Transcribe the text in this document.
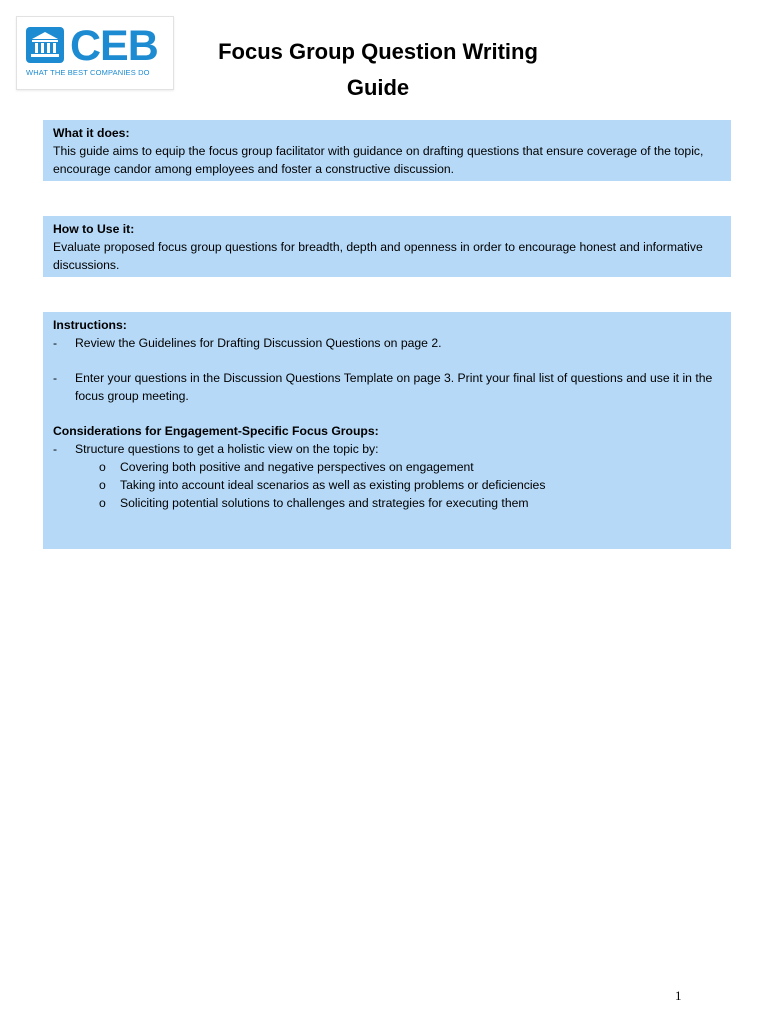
CEB
WHAT THE BEST COMPANIES DO
Focus Group Question Writing
Guide

What it does:

This guide aims to equip the focus group facilitator with guidance on drafting questions that ensure coverage of the topic, encourage candor among employees and foster a constructive discussion.

How to Use it:

Evaluate proposed focus group questions for breadth, depth and openness in order to encourage honest and informative discussions.

Instructions:

- Review the Guidelines for Drafting Discussion Questions on page 2.
- Enter your questions in the Discussion Questions Template on page 3. Print your final list of questions and use it in the focus group meeting.

Considerations for Engagement-Specific Focus Groups:

- Structure questions to get a holistic view on the topic by:
o Covering both positive and negative perspectives on engagement
o Taking into account ideal scenarios as well as existing problems or deficiencies
o Soliciting potential solutions to challenges and strategies for executing them
1
